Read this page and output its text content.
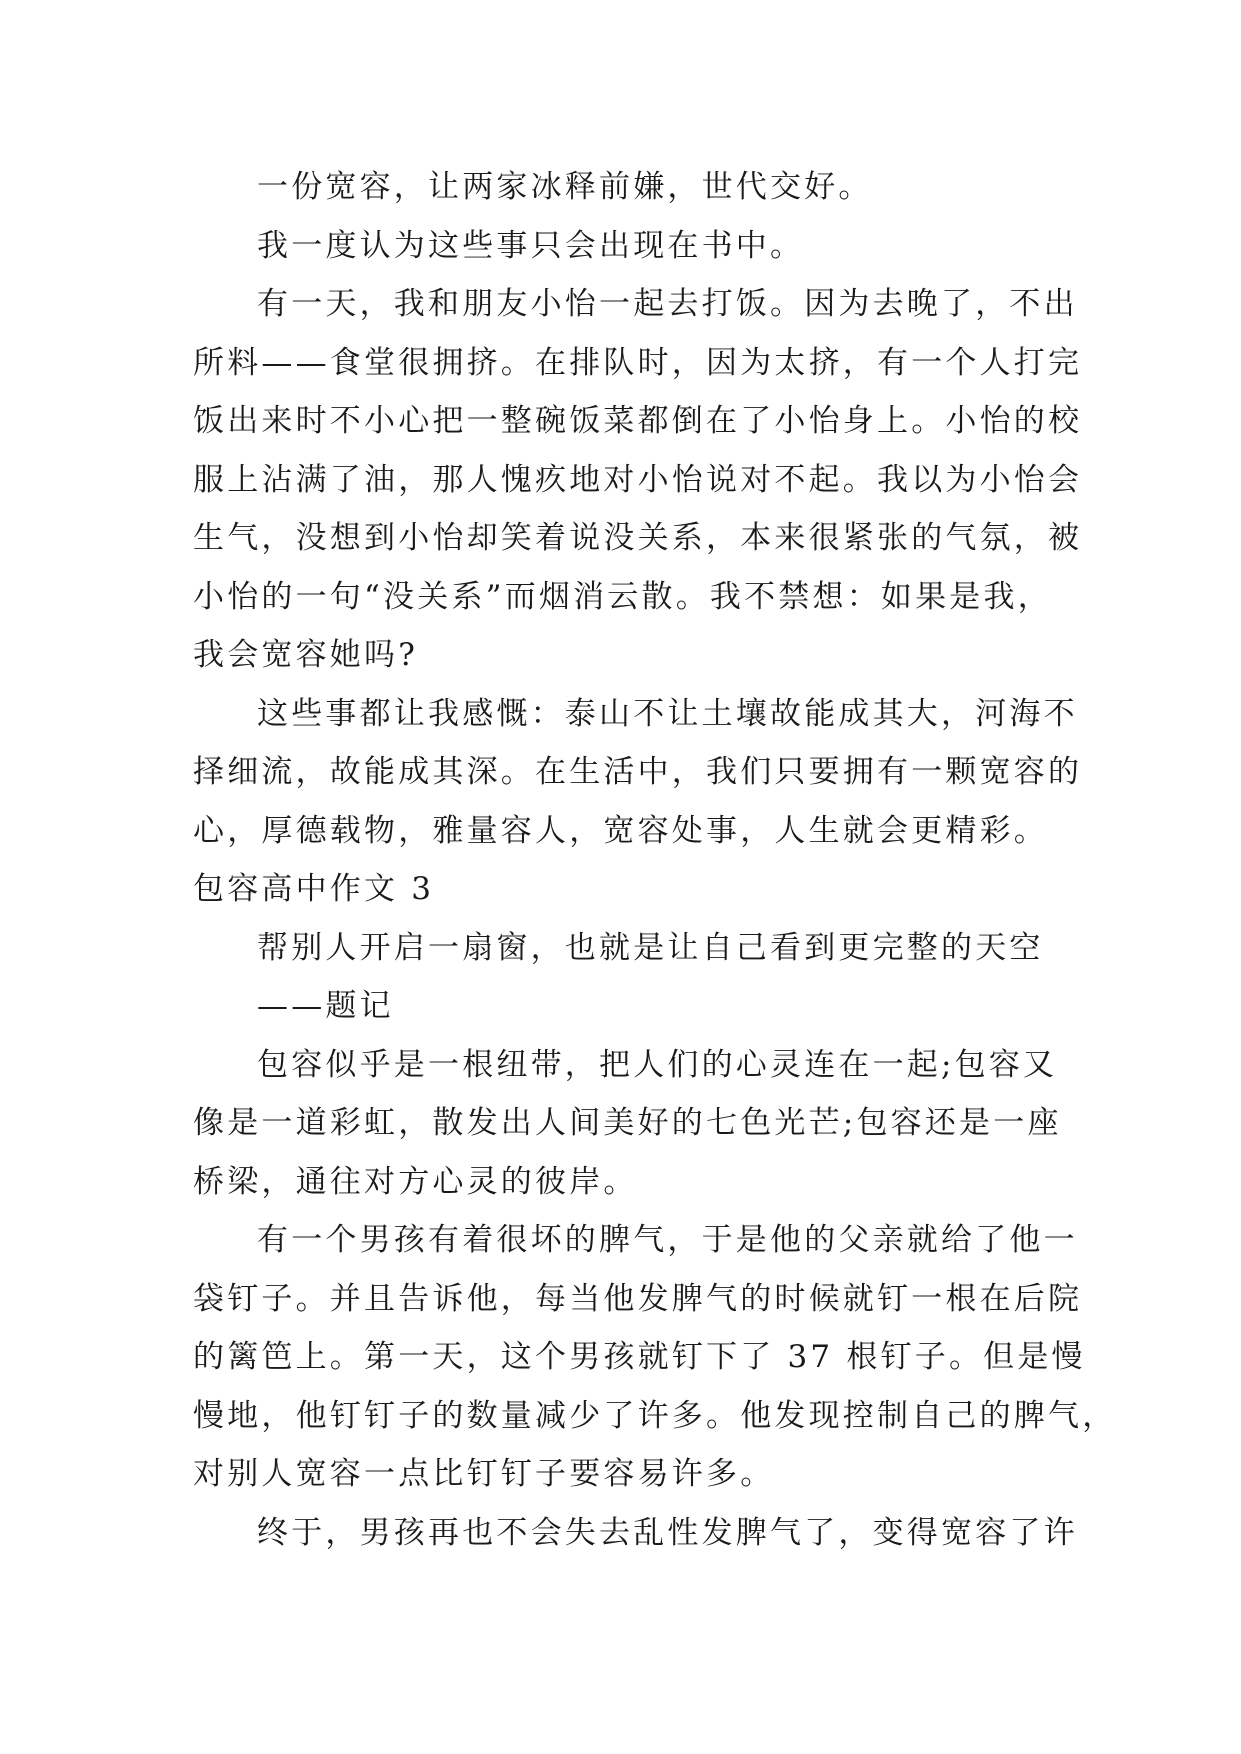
一份宽容，让两家冰释前嫌，世代交好。
我一度认为这些事只会出现在书中。
有一天，我和朋友小怡一起去打饭。因为去晚了，不出
所料——食堂很拥挤。在排队时，因为太挤，有一个人打完
饭出来时不小心把一整碗饭菜都倒在了小怡身上。小怡的校
服上沾满了油，那人愧疚地对小怡说对不起。我以为小怡会
生气，没想到小怡却笑着说没关系，本来很紧张的气氛，被
小怡的一句“没关系”而烟消云散。我不禁想：如果是我，
我会宽容她吗?
这些事都让我感慨：泰山不让土壤故能成其大，河海不
择细流，故能成其深。在生活中，我们只要拥有一颗宽容的
心，厚德载物，雅量容人，宽容处事，人生就会更精彩。
包容高中作文 3
帮别人开启一扇窗，也就是让自己看到更完整的天空
——题记
包容似乎是一根纽带，把人们的心灵连在一起;包容又
像是一道彩虹，散发出人间美好的七色光芒;包容还是一座
桥梁，通往对方心灵的彼岸。
有一个男孩有着很坏的脾气，于是他的父亲就给了他一
袋钉子。并且告诉他，每当他发脾气的时候就钉一根在后院
的篱笆上。第一天，这个男孩就钉下了 37 根钉子。但是慢
慢地，他钉钉子的数量减少了许多。他发现控制自己的脾气，
对别人宽容一点比钉钉子要容易许多。
终于，男孩再也不会失去乱性发脾气了，变得宽容了许
